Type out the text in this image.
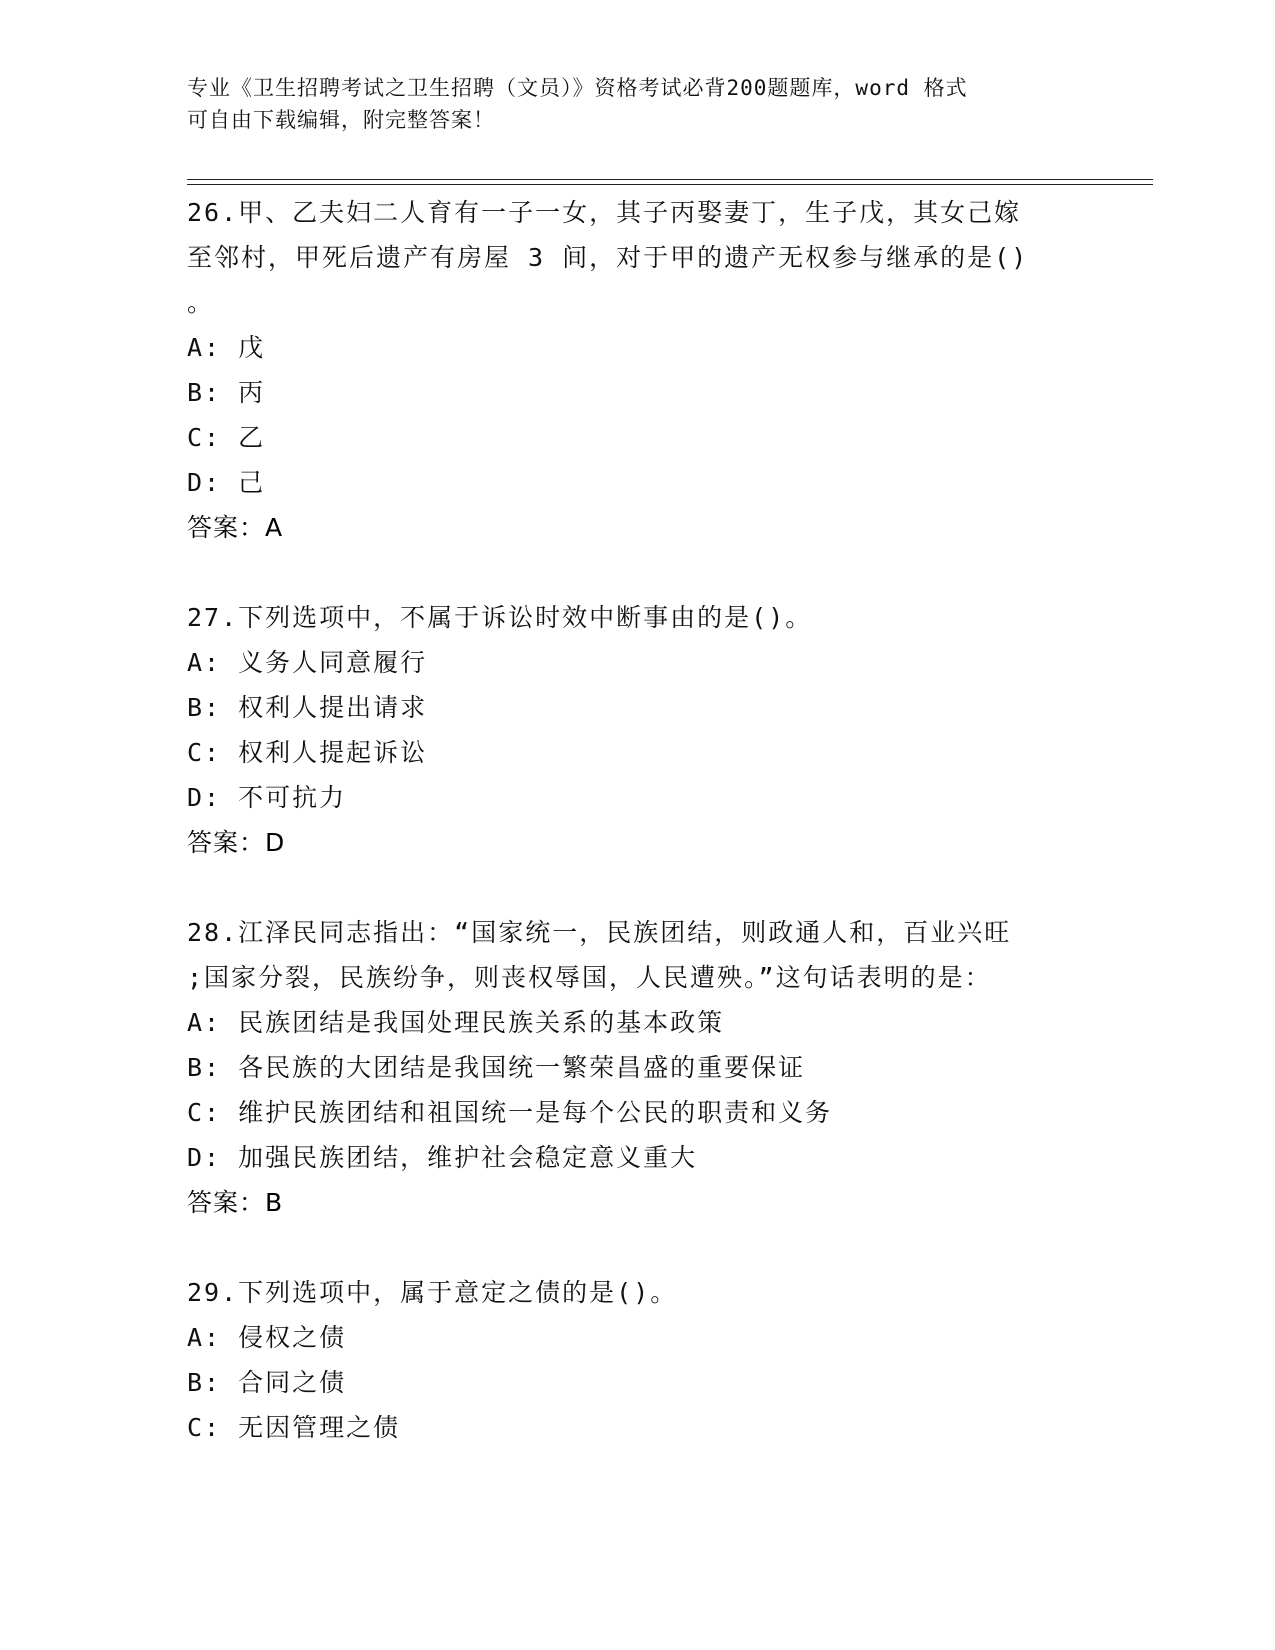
专业《卫生招聘考试之卫生招聘（文员）》资格考试必背200题题库，word 格式
可自由下载编辑，附完整答案！
26.甲、乙夫妇二人育有一子一女，其子丙娶妻丁，生子戊，其女己嫁
至邻村，甲死后遗产有房屋 3 间，对于甲的遗产无权参与继承的是()
。
A: 戊
B: 丙
C: 乙
D: 己
答案：A
27.下列选项中，不属于诉讼时效中断事由的是()。
A: 义务人同意履行
B: 权利人提出请求
C: 权利人提起诉讼
D: 不可抗力
答案：D
28.江泽民同志指出：“国家统一，民族团结，则政通人和，百业兴旺
;国家分裂，民族纷争，则丧权辱国，人民遭殃。”这句话表明的是：
A: 民族团结是我国处理民族关系的基本政策
B: 各民族的大团结是我国统一繁荣昌盛的重要保证
C: 维护民族团结和祖国统一是每个公民的职责和义务
D: 加强民族团结，维护社会稳定意义重大
答案：B
29.下列选项中，属于意定之债的是()。
A: 侵权之债
B: 合同之债
C: 无因管理之债
